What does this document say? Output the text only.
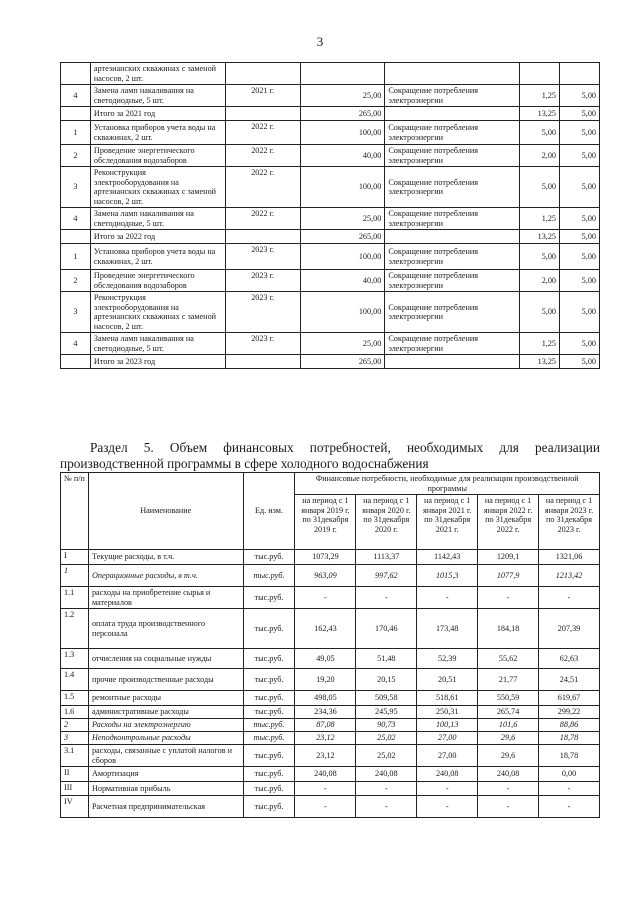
3
	артезианских скважинах с заменой насосов, 2 шт.					
4	Замена ламп накаливания на светодиодные, 5 шт.	2021 г.	25,00	Сокращение потребления электроэнергии	1,25	5,00
	Итого за 2021 год		265,00		13,25	5,00
1	Установка приборов учета воды на скважинах, 2 шт.	2022 г.	100,00	Сокращение потребления электроэнергии	5,00	5,00
2	Проведение энергетического обследования водозаборов	2022 г.	40,00	Сокращение потребления электроэнергии	2,00	5,00
3	Реконструкция электрооборудования на артезианских скважинах с заменой насосов, 2 шт.	2022 г.	100,00	Сокращение потребления электроэнергии	5,00	5,00
4	Замена ламп накаливания на светодиодные, 5 шт.	2022 г.	25,00	Сокращение потребления электроэнергии	1,25	5,00
	Итого за 2022 год		265,00		13,25	5,00
1	Установка приборов учета воды на скважинах, 2 шт.	2023 г.	100,00	Сокращение потребления электроэнергии	5,00	5,00
2	Проведение энергетического обследования водозаборов	2023 г.	40,00	Сокращение потребления электроэнергии	2,00	5,00
3	Реконструкция электрооборудования на артезианских скважинах с заменой насосов, 2 шт.	2023 г.	100,00	Сокращение потребления электроэнергии	5,00	5,00
4	Замена ламп накаливания на светодиодные, 5 шт.	2023 г.	25,00	Сокращение потребления электроэнергии	1,25	5,00
	Итого за 2023 год		265,00		13,25	5,00
Раздел 5. Объем финансовых потребностей, необходимых для реализации
производственной программы в сфере холодного водоснабжения
№ п/п	Наименование	Ед. изм.	Финансовые потребности, необходимые для реализации производственной программы				
			на период с 1 января 2019 г. по 31декабря 2019 г.	на период с 1 января 2020 г. по 31декабря 2020 г.	на период с 1 января 2021 г. по 31декабря 2021 г.	на период с 1 января 2022 г. по 31декабря 2022 г.	на период с 1 января 2023 г. по 31декабря 2023 г.
I	Текущие расходы, в т.ч.	тыс.руб.	1073,29	1113,37	1142,43	1209,1	1321,06
1	Операционные расходы, в т.ч.	тыс.руб.	963,09	997,62	1015,3	1077,9	1213,42
1.1	расходы на приобретение сырья и материалов	тыс.руб.	-	-	-	-	-
1.2	оплата труда производственного персонала	тыс.руб.	162,43	170,46	173,48	184,18	207,39
1.3	отчисления на социальные нужды	тыс.руб.	49,05	51,48	52,39	55,62	62,63
1.4	прочие производственные расходы	тыс.руб.	19,20	20,15	20,51	21,77	24,51
1.5	ремонтные расходы	тыс.руб.	498,05	509,58	518,61	550,59	619,67
1.6	административные расходы	тыс.руб.	234,36	245,95	250,31	265,74	299,22
2	Расходы на электроэнергию	тыс.руб.	87,08	90,73	100,13	101,6	88,86
3	Неподконтрольные расходы	тыс.руб.	23,12	25,02	27,00	29,6	18,78
3.1	расходы, связанные с уплатой налогов и сборов	тыс.руб.	23,12	25,02	27,00	29,6	18,78
II	Амортизация	тыс.руб.	240,08	240,08	240,08	240,08	0,00
III	Нормативная прибыль	тыс.руб.	-	-	-	-	-
IV	Расчетная предпринимательская	тыс.руб.	-	-	-	-	-
